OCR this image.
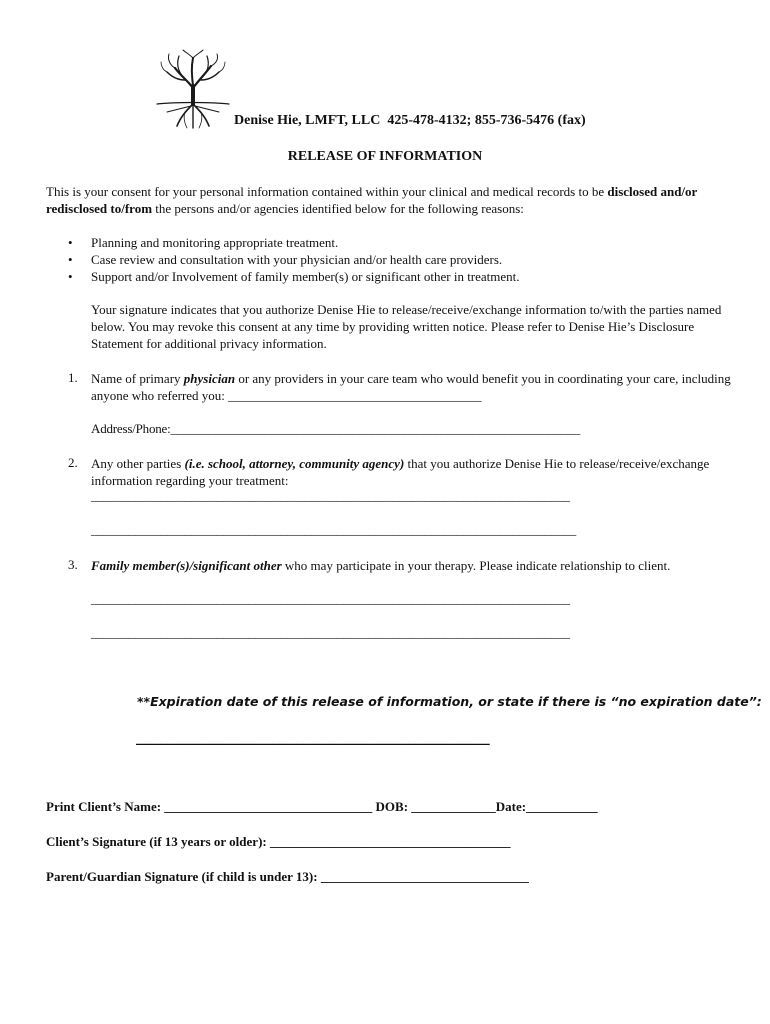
Denise Hie, LMFT, LLC 425-478-4132; 855-736-5476 (fax)
RELEASE OF INFORMATION
This is your consent for your personal information contained within your clinical and medical records to be disclosed and/or redisclosed to/from the persons and/or agencies identified below for the following reasons:
• Planning and monitoring appropriate treatment.
• Case review and consultation with your physician and/or health care providers.
• Support and/or Involvement of family member(s) or significant other in treatment.
Your signature indicates that you authorize Denise Hie to release/receive/exchange information to/with the parties named below. You may revoke this consent at any time by providing written notice. Please refer to Denise Hie’s Disclosure Statement for additional privacy information.
1. Name of primary physician or any providers in your care team who would benefit you in coordinating your care, including anyone who referred you: _______________________________________
Address/Phone:_________________________________________________________________
2. Any other parties (i.e. school, attorney, community agency) that you authorize Denise Hie to release/receive/exchange information regarding your treatment:
____________________________________________________________________________
_____________________________________________________________________________
3. Family member(s)/significant other who may participate in your therapy. Please indicate relationship to client.
____________________________________________________________________________
____________________________________________________________________________
**Expiration date of this release of information, or state if there is “no expiration date”:
_________________________________________________________
Print Client’s Name: ________________________________ DOB: _____________Date:___________
Client’s Signature (if 13 years or older): _____________________________________
Parent/Guardian Signature (if child is under 13): ________________________________
